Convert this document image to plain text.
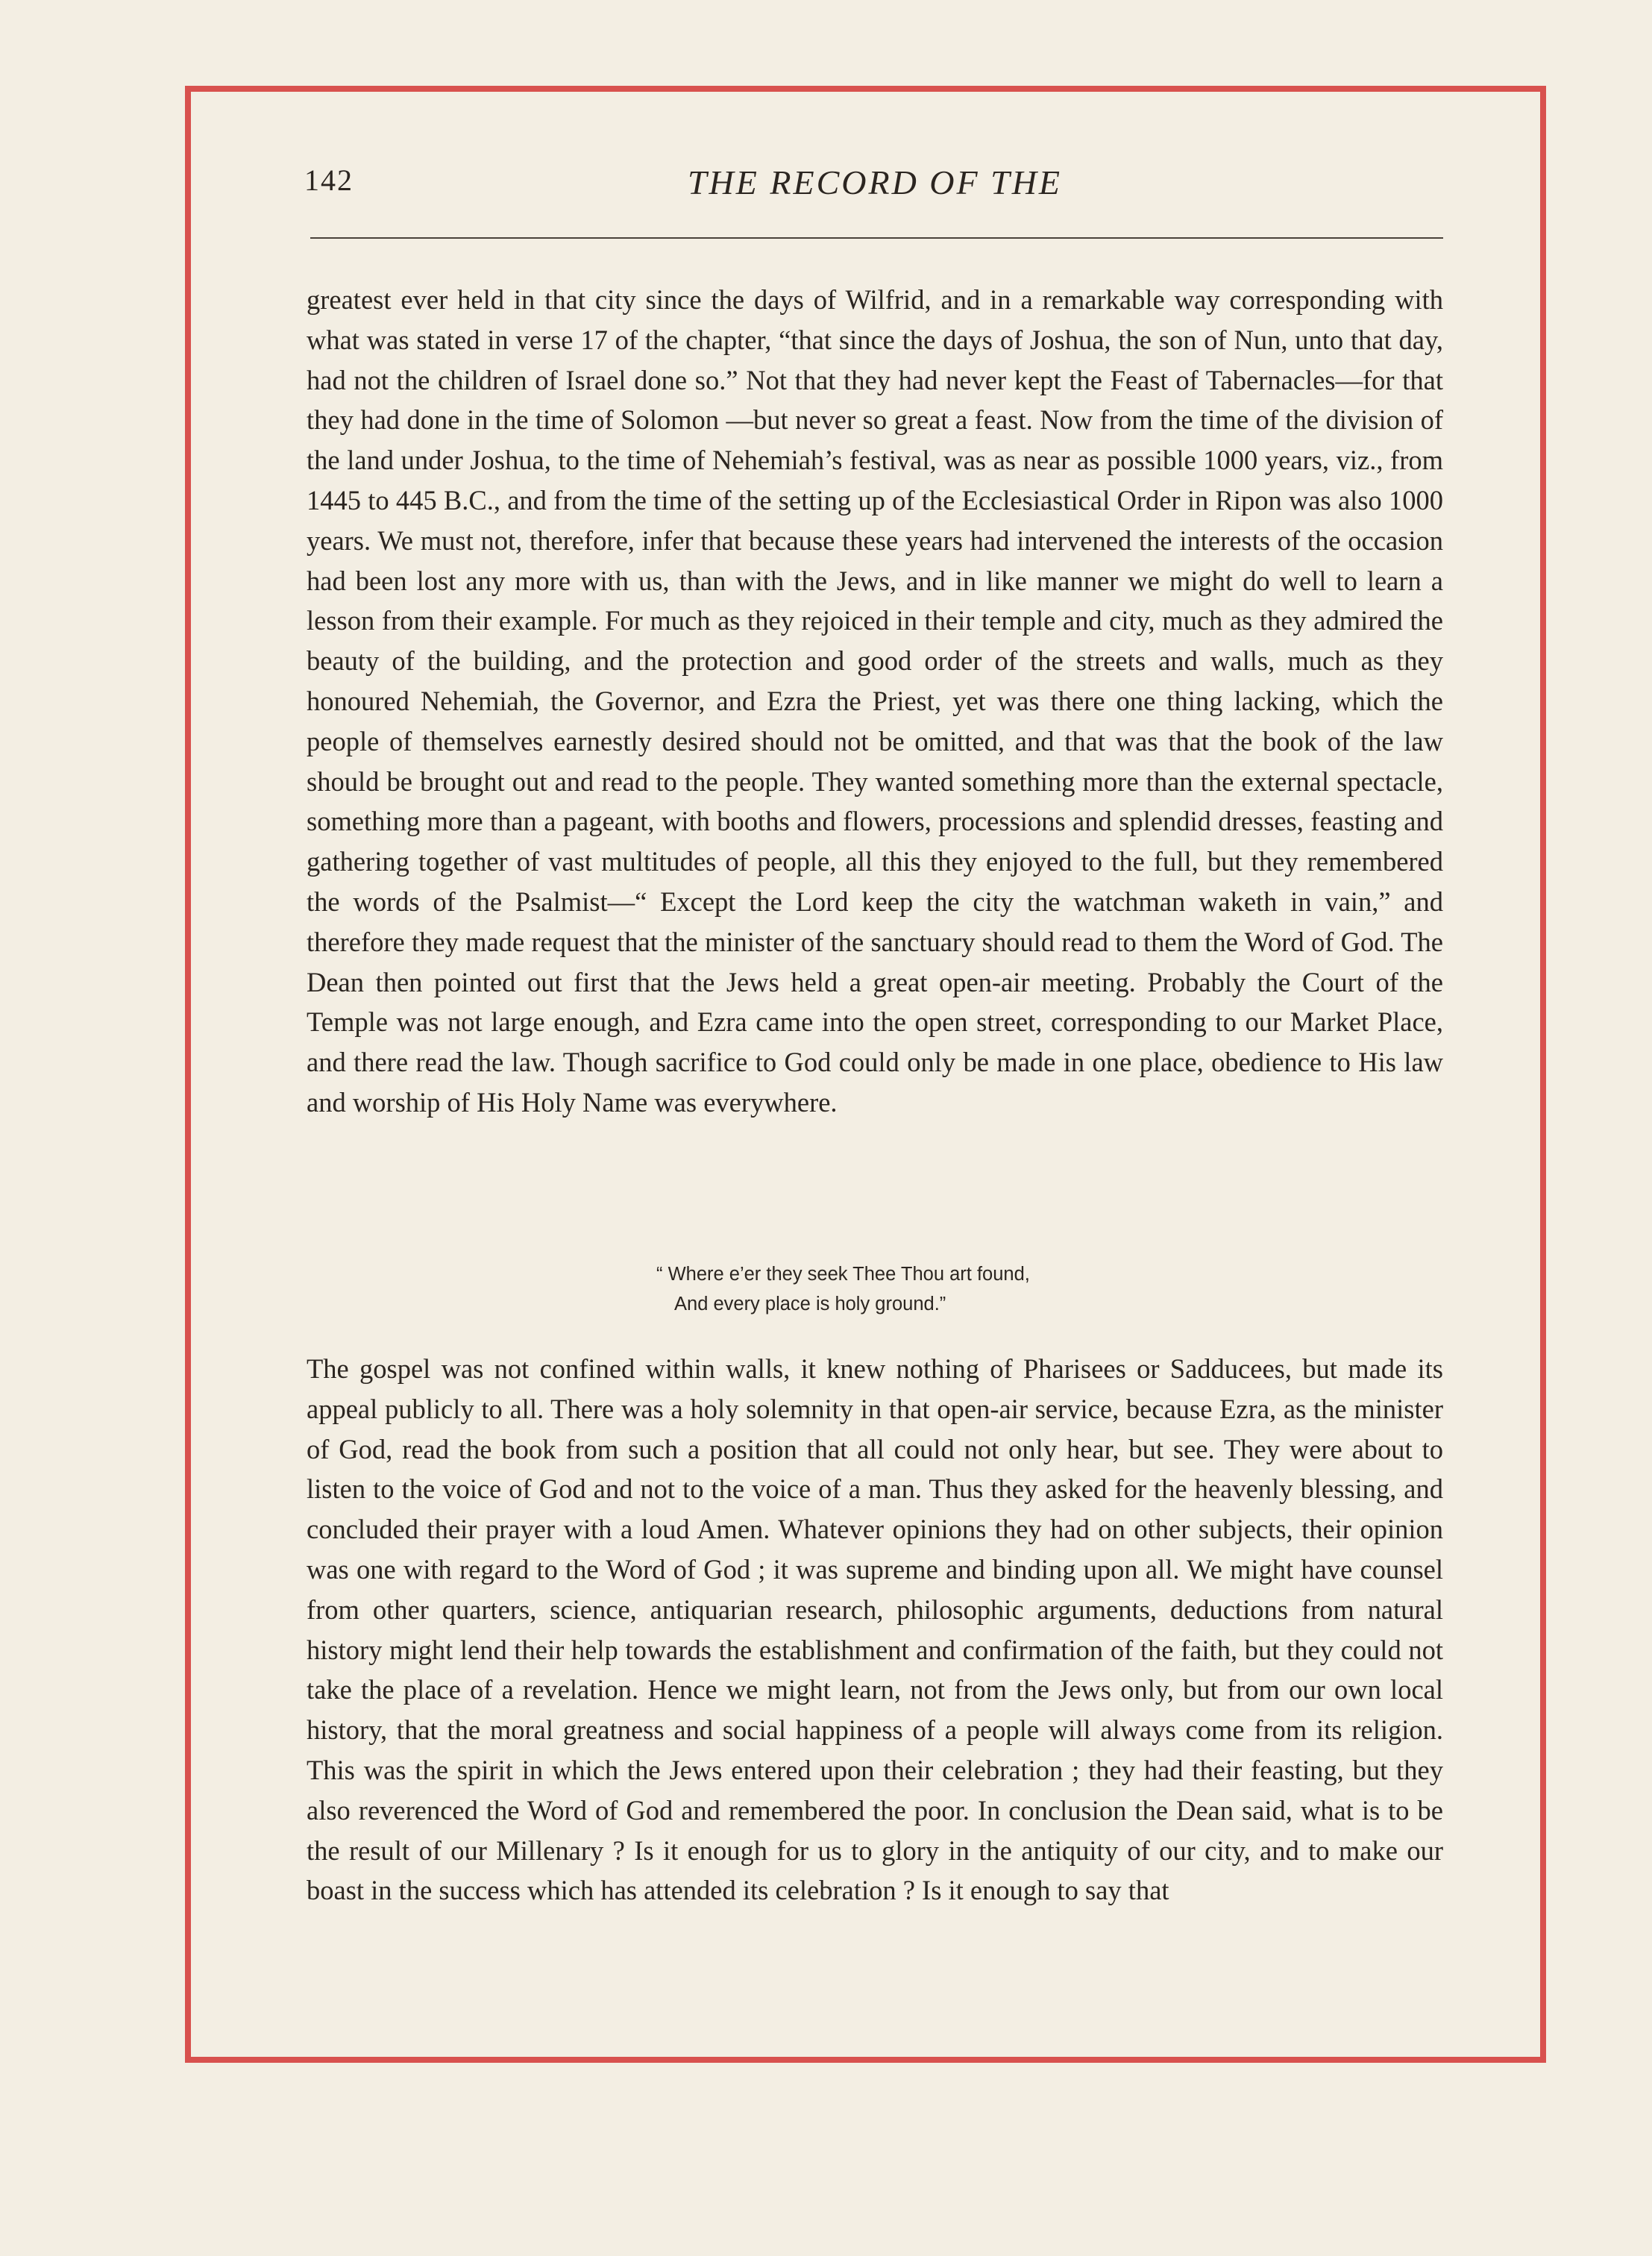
142	THE RECORD OF THE
greatest ever held in that city since the days of Wilfrid, and in a remarkable way corresponding with what was stated in verse 17 of the chapter, “that since the days of Joshua, the son of Nun, unto that day, had not the children of Israel done so.” Not that they had never kept the Feast of Tabernacles—for that they had done in the time of Solomon —but never so great a feast. Now from the time of the division of the land under Joshua, to the time of Nehemiah’s festival, was as near as possible 1000 years, viz., from 1445 to 445 B.C., and from the time of the setting up of the Ecclesiastical Order in Ripon was also 1000 years. We must not, therefore, infer that because these years had intervened the interests of the occasion had been lost any more with us, than with the Jews, and in like manner we might do well to learn a lesson from their example. For much as they rejoiced in their temple and city, much as they admired the beauty of the building, and the protection and good order of the streets and walls, much as they honoured Nehemiah, the Governor, and Ezra the Priest, yet was there one thing lacking, which the people of themselves earnestly desired should not be omitted, and that was that the book of the law should be brought out and read to the people. They wanted something more than the external spectacle, something more than a pageant, with booths and flowers, processions and splendid dresses, feasting and gathering together of vast multitudes of people, all this they enjoyed to the full, but they remembered the words of the Psalmist—“ Except the Lord keep the city the watchman waketh in vain,” and therefore they made request that the minister of the sanctuary should read to them the Word of God. The Dean then pointed out first that the Jews held a great open-air meeting. Probably the Court of the Temple was not large enough, and Ezra came into the open street, corresponding to our Market Place, and there read the law. Though sacrifice to God could only be made in one place, obedience to His law and worship of His Holy Name was everywhere.
“ Where e’er they seek Thee Thou art found,
And every place is holy ground.”
The gospel was not confined within walls, it knew nothing of Pharisees or Sadducees, but made its appeal publicly to all. There was a holy solemnity in that open-air service, because Ezra, as the minister of God, read the book from such a position that all could not only hear, but see. They were about to listen to the voice of God and not to the voice of a man. Thus they asked for the heavenly blessing, and concluded their prayer with a loud Amen. Whatever opinions they had on other subjects, their opinion was one with regard to the Word of God ; it was supreme and binding upon all. We might have counsel from other quarters, science, antiquarian research, philosophic arguments, deductions from natural history might lend their help towards the establishment and confirmation of the faith, but they could not take the place of a revelation. Hence we might learn, not from the Jews only, but from our own local history, that the moral greatness and social happiness of a people will always come from its religion. This was the spirit in which the Jews entered upon their celebration ; they had their feasting, but they also reverenced the Word of God and remembered the poor. In conclusion the Dean said, what is to be the result of our Millenary ? Is it enough for us to glory in the antiquity of our city, and to make our boast in the success which has attended its celebration ? Is it enough to say that
